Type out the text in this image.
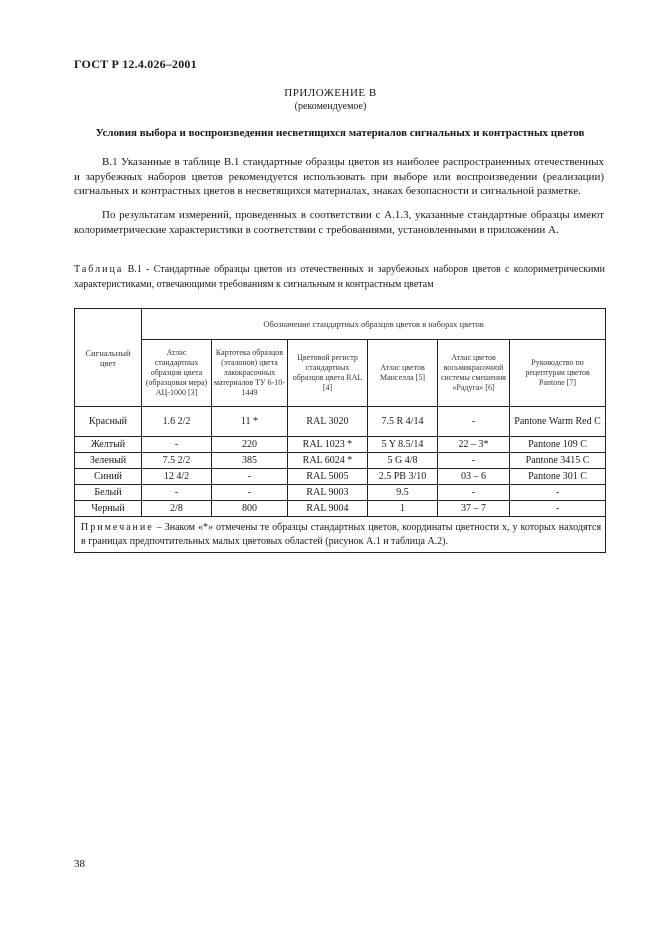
ГОСТ Р 12.4.026–2001
ПРИЛОЖЕНИЕ В
(рекомендуемое)
Условия выбора и воспроизведения несветящихся материалов сигнальных и контрастных цветов
В.1 Указанные в таблице В.1 стандартные образцы цветов из наиболее распространенных отечественных и зарубежных наборов цветов рекомендуется использовать при выборе или воспроизведении (реализации) сигнальных и контрастных цветов в несветящихся материалах, знаках безопасности и сигнальной разметке.
По результатам измерений, проведенных в соответствии с А.1.3, указанные стандартные образцы имеют колориметрические характеристики в соответствии с требованиями, установленными в приложении А.
Таблица В.1 - Стандартные образцы цветов из отечественных и зарубежных наборов цветов с колориметрическими характеристиками, отвечающими требованиям к сигнальным и контрастным цветам
Сигнальный цвет	Обозначение стандартных образцов цветов в наборах цветов					
	Атлас стандартных образцов цвета (образцовая мера) АЦ-1000 [3]	Картотека образцов (эталонов) цвета лакокрасочных материалов ТУ 6-10-1449	Цветовой регистр стандартных образцов цвета RAL [4]	Атлас цветов Манселла [5]	Атлас цветов восьмикрасочной системы смешения «Радуга» [6]	Руководство по рецептурам цветов Pantone [7]
Красный	1.6 2/2	11 *	RAL 3020	7.5 R 4/14	-	Pantone Warm Red C
Желтый	-	220	RAL 1023 *	5 Y 8.5/14	22 – 3*	Pantone 109 C
Зеленый	7.5 2/2	385	RAL 6024 *	5 G 4/8	-	Pantone 3415 C
Синий	12 4/2	-	RAL 5005	2.5 PB 3/10	03 – 6	Pantone 301 C
Белый	-	-	RAL 9003	9.5	-	-
Черный	2/8	800	RAL 9004	1	37 – 7	-
Примечание – Знаком «*» отмечены те образцы стандартных цветов, координаты цветности x, y которых находятся в границах предпочтительных малых цветовых областей (рисунок А.1 и таблица А.2).						
38
